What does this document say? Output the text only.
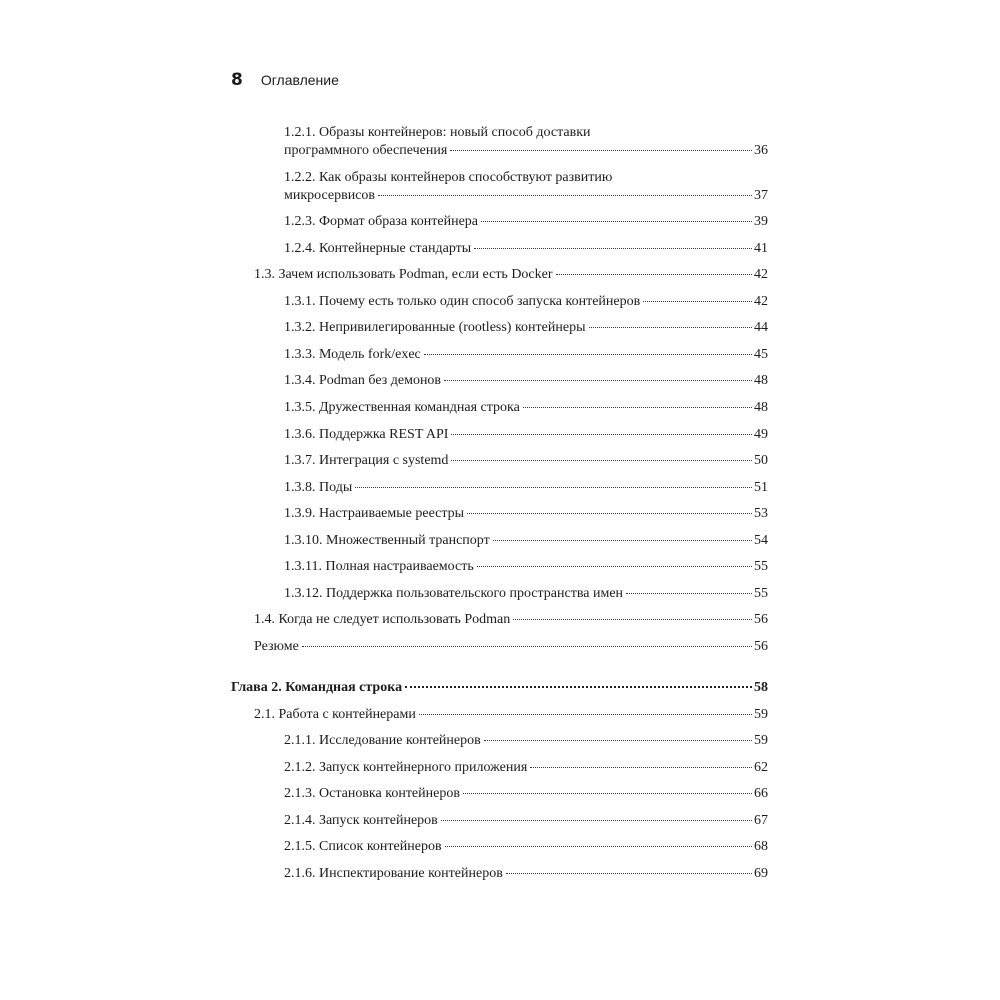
8 Оглавление
1.2.1. Образы контейнеров: новый способ доставки
программного обеспечения	36
1.2.2. Как образы контейнеров способствуют развитию
микросервисов	37
1.2.3. Формат образа контейнера	39
1.2.4. Контейнерные стандарты	41
1.3. Зачем использовать Podman, если есть Docker	42
1.3.1. Почему есть только один способ запуска контейнеров	42
1.3.2. Непривилегированные (rootless) контейнеры	44
1.3.3. Модель fork/exec	45
1.3.4. Podman без демонов	48
1.3.5. Дружественная командная строка	48
1.3.6. Поддержка REST API	49
1.3.7. Интеграция с systemd	50
1.3.8. Поды	51
1.3.9. Настраиваемые реестры	53
1.3.10. Множественный транспорт	54
1.3.11. Полная настраиваемость	55
1.3.12. Поддержка пользовательского пространства имен	55
1.4. Когда не следует использовать Podman	56
Резюме	56
Глава 2. Командная строка	58
2.1. Работа с контейнерами	59
2.1.1. Исследование контейнеров	59
2.1.2. Запуск контейнерного приложения	62
2.1.3. Остановка контейнеров	66
2.1.4. Запуск контейнеров	67
2.1.5. Список контейнеров	68
2.1.6. Инспектирование контейнеров	69
